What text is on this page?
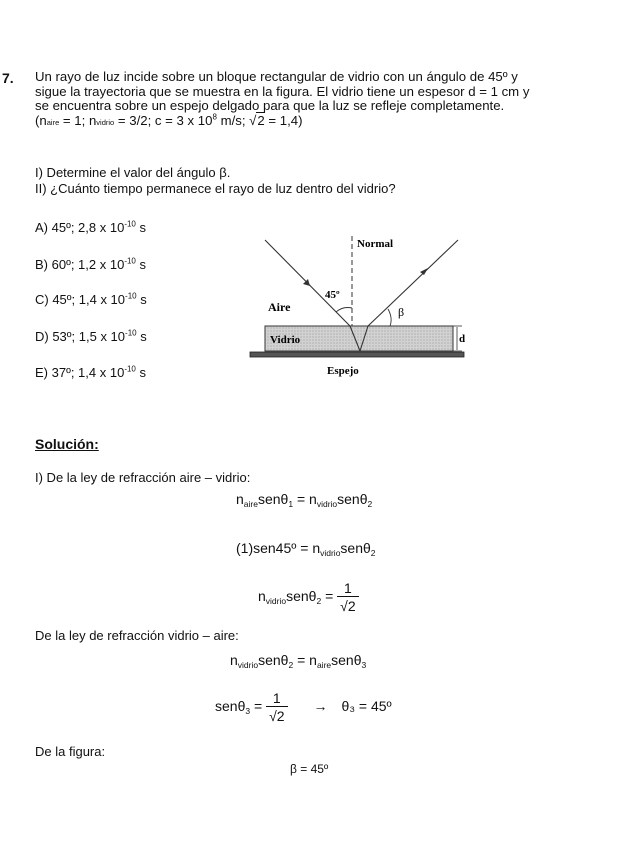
7. Un rayo de luz incide sobre un bloque rectangular de vidrio con un ángulo de 45º y

sigue la trayectoria que se muestra en la figura. El vidrio tiene un espesor d = 1 cm y

se encuentra sobre un espejo delgado para que la luz se refleje completamente.

(naire = 1; nvidrio = 3/2; c = 3 x $10^8$ m/s; √2 = 1,4)

I) Determine el valor del ángulo β.
II) ¿Cuánto tiempo permanece el rayo de luz dentro del vidrio?
A) 45º; 2,8 x $10^{-10}$ s
B) 60º; 1,2 x $10^{-10}$ s
C) 45º; 1,4 x $10^{-10}$ s
D) 53º; 1,5 x $10^{-10}$ s
E) 37º; 1,4 x $10^{-10}$ s
Normal
45º
Aire
Vidrio
β
d
Espejo
Solución:
I) De la ley de refracción aire – vidrio:
$n_{aire}sen\theta_1 = n_{vidrio}sen\theta_2$
(1)sen45º = $n_{vidrio}sen\theta_2$
$n_{vidrio}sen\theta_2 = \frac{1}{√2}$
De la ley de refracción vidrio – aire:
$n_{vidrio}sen\theta_2 = n_{aire}sen\theta_3$
$sen\theta_3 = \frac{1}{√2} \to \theta_3$ = 45º
De la figura:
β = 45º
